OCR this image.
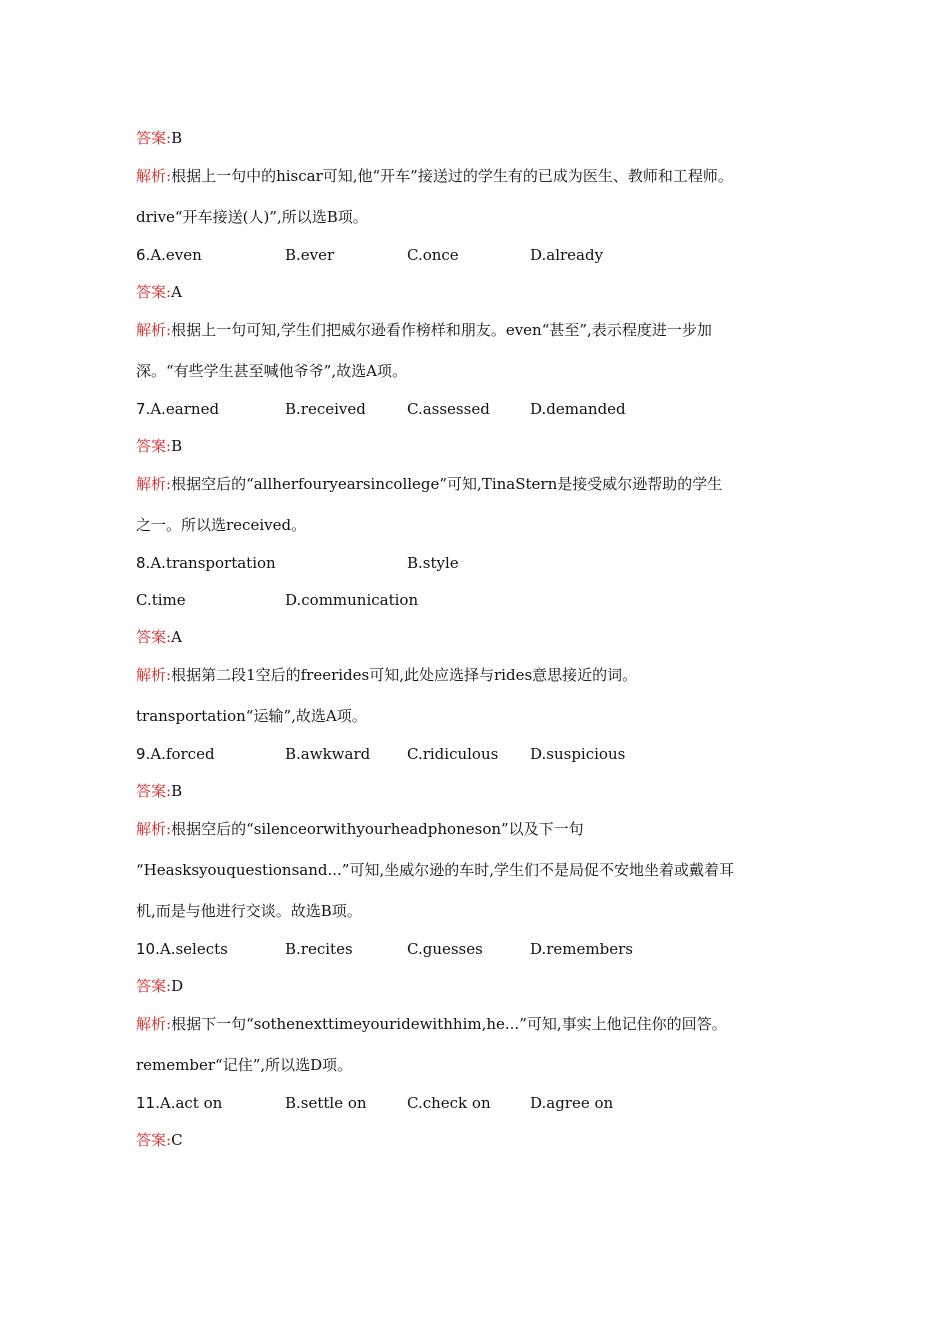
答案:B
解析:根据上一句中的hiscar可知,他“开车”接送过的学生有的已成为医生、教师和工程师。
drive“开车接送(人)”,所以选B项。
6.A.even	B.ever	C.once	D.already
答案:A
解析:根据上一句可知,学生们把威尔逊看作榜样和朋友。even“甚至”,表示程度进一步加
深。“有些学生甚至喊他爷爷”,故选A项。
7.A.earned	B.received	C.assessed	D.demanded
答案:B
解析:根据空后的“allherfouryearsincollege”可知,TinaStern是接受威尔逊帮助的学生
之一。所以选received。
8.A.transportation	B.style
C.time	D.communication
答案:A
解析:根据第二段1空后的freerides可知,此处应选择与rides意思接近的词。
transportation“运输”,故选A项。
9.A.forced	B.awkward C.ridiculous D.suspicious
答案:B
解析:根据空后的“silenceorwithyourheadphoneson”以及下一句
“Heasksyouquestionsand...”可知,坐威尔逊的车时,学生们不是局促不安地坐着或戴着耳
机,而是与他进行交谈。故选B项。
10.A.selects	B.recites	C.guesses	D.remembers
答案:D
解析:根据下一句“sothenexttimeyouridewithhim,he...”可知,事实上他记住你的回答。
remember“记住”,所以选D项。
11.A.act on	B.settle on	C.check on	D.agree on
答案:C
